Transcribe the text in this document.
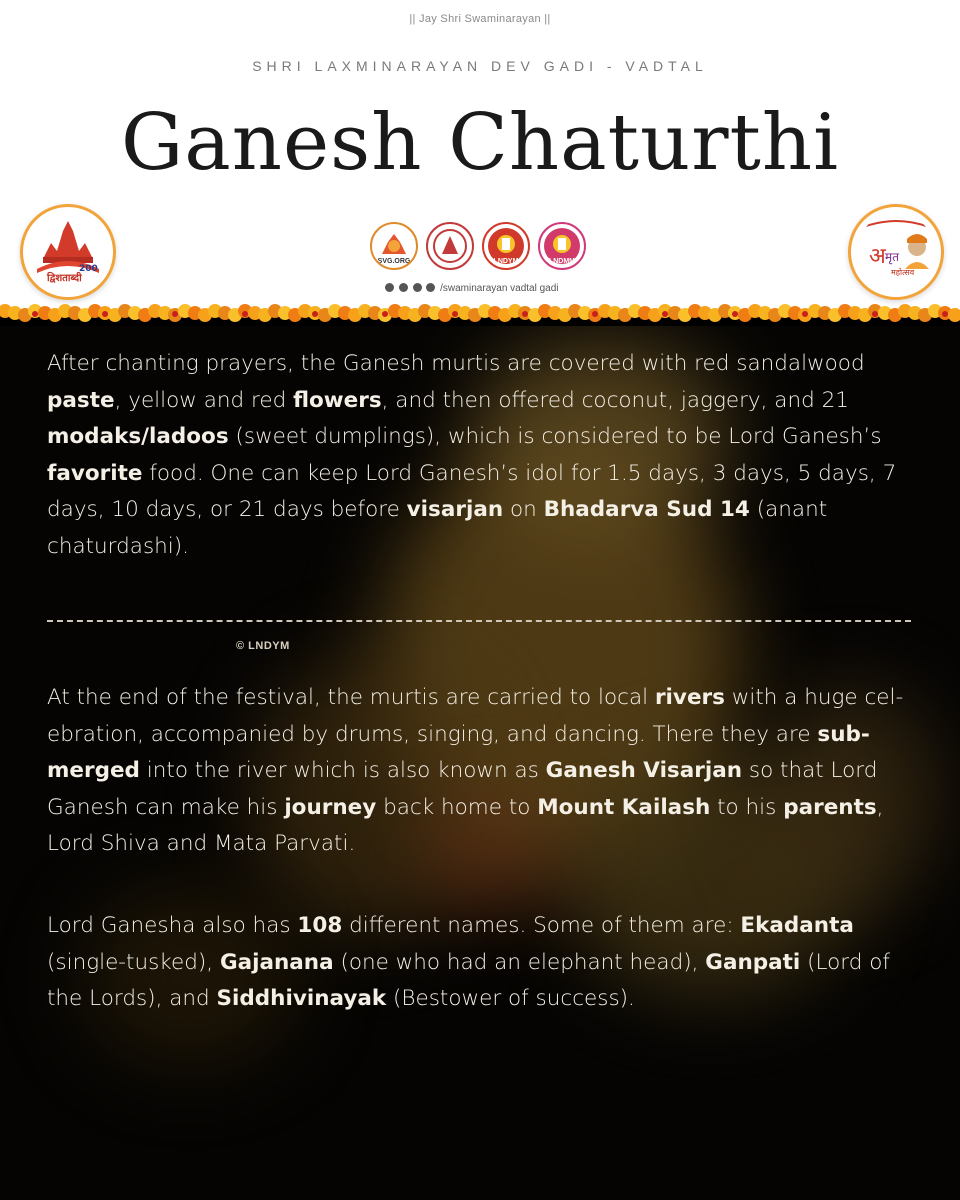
|| Jay Shri Swaminarayan ||
SHRI LAXMINARAYAN DEV GADI - VADTAL
Ganesh Chaturthi
द्विशताब्दी
200	अ मृत
महोत्सव
SVG.ORG	LNDYM	LNDMM
/swaminarayan vadtal gadi
After chanting prayers, the Ganesh murtis are covered with red sandalwood paste, yellow and red flowers, and then offered coconut, jaggery, and 21 modaks/ladoos (sweet dumplings), which is considered to be Lord Ganesh’s favorite food. One can keep Lord Ganesh’s idol for 1.5 days, 3 days, 5 days, 7 days, 10 days, or 21 days before visarjan on Bhadarva Sud 14 (anant chaturdashi).
© LNDYM
At the end of the festival, the murtis are carried to local rivers with a huge cel-ebration, accompanied by drums, singing, and dancing. There they are sub-merged into the river which is also known as Ganesh Visarjan so that Lord Ganesh can make his journey back home to Mount Kailash to his parents, Lord Shiva and Mata Parvati.
Lord Ganesha also has 108 different names. Some of them are: Ekadanta (single-tusked), Gajanana (one who had an elephant head), Ganpati (Lord of the Lords), and Siddhivinayak (Bestower of success).
